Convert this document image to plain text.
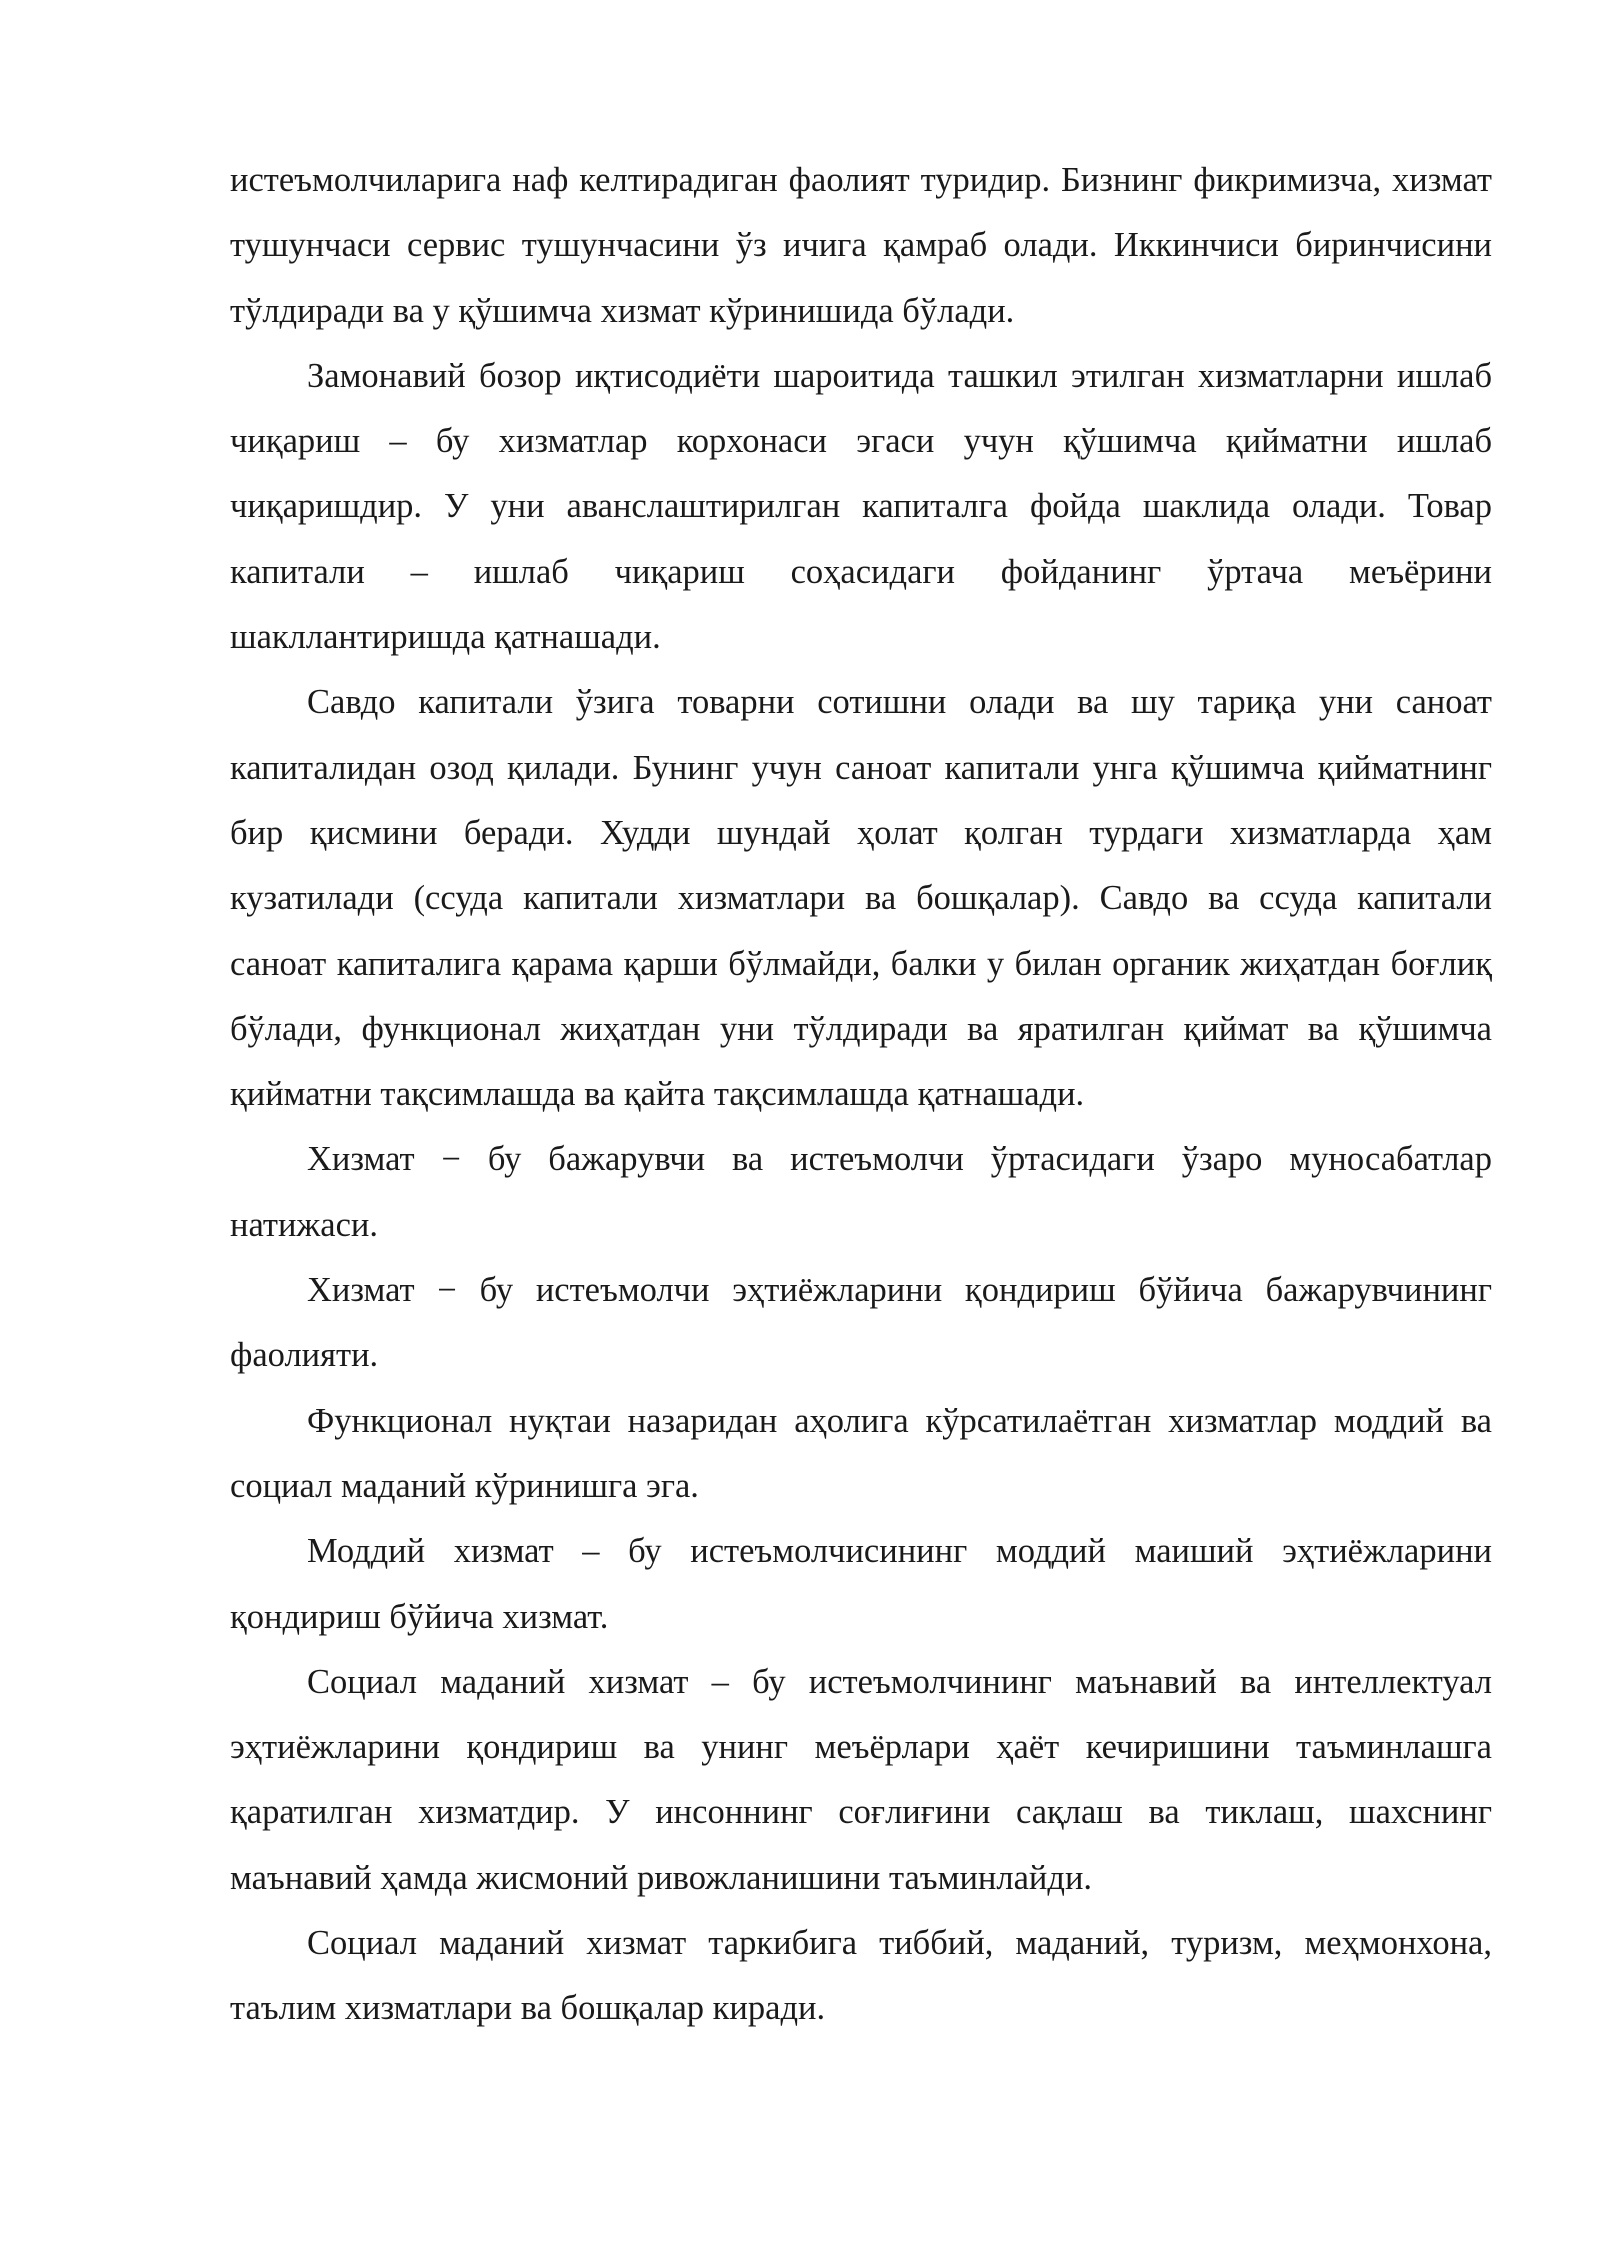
истеъмолчиларига наф келтирадиган фаолият туридир. Бизнинг фикримизча, хизмат тушунчаси сервис тушунчасини ўз ичига қамраб олади. Иккинчиси биринчисини тўлдиради ва у қўшимча хизмат кўринишида бўлади.

Замонавий бозор иқтисодиёти шароитида ташкил этилган хизматларни ишлаб чиқариш – бу хизматлар корхонаси эгаси учун қўшимча қийматни ишлаб чиқаришдир. У уни аванслаштирилган капиталга фойда шаклида олади. Товар капитали – ишлаб чиқариш соҳасидаги фойданинг ўртача меъёрини шакллантиришда қатнашади.

Савдо капитали ўзига товарни сотишни олади ва шу тариқа уни саноат капиталидан озод қилади. Бунинг учун саноат капитали унга қўшимча қийматнинг бир қисмини беради. Худди шундай ҳолат қолган турдаги хизматларда ҳам кузатилади (ссуда капитали хизматлари ва бошқалар). Савдо ва ссуда капитали саноат капиталига қарама қарши бўлмайди, балки у билан органик жиҳатдан боғлиқ бўлади, функционал жиҳатдан уни тўлдиради ва яратилган қиймат ва қўшимча қийматни тақсимлашда ва қайта тақсимлашда қатнашади.

Хизмат − бу бажарувчи ва истеъмолчи ўртасидаги ўзаро муносабатлар натижаси.

Хизмат − бу истеъмолчи эҳтиёжларини қондириш бўйича бажарувчининг фаолияти.

Функционал нуқтаи назаридан аҳолига кўрсатилаётган хизматлар моддий ва социал маданий кўринишга эга.

Моддий хизмат – бу истеъмолчисининг моддий маиший эҳтиёжларини қондириш бўйича хизмат.

Социал маданий хизмат – бу истеъмолчининг маънавий ва интеллектуал эҳтиёжларини қондириш ва унинг меъёрлари ҳаёт кечиришини таъминлашга қаратилган хизматдир. У инсоннинг соғлиғини сақлаш ва тиклаш, шахснинг маънавий ҳамда жисмоний ривожланишини таъминлайди.

Социал маданий хизмат таркибига тиббий, маданий, туризм, меҳмонхона, таълим хизматлари ва бошқалар киради.
